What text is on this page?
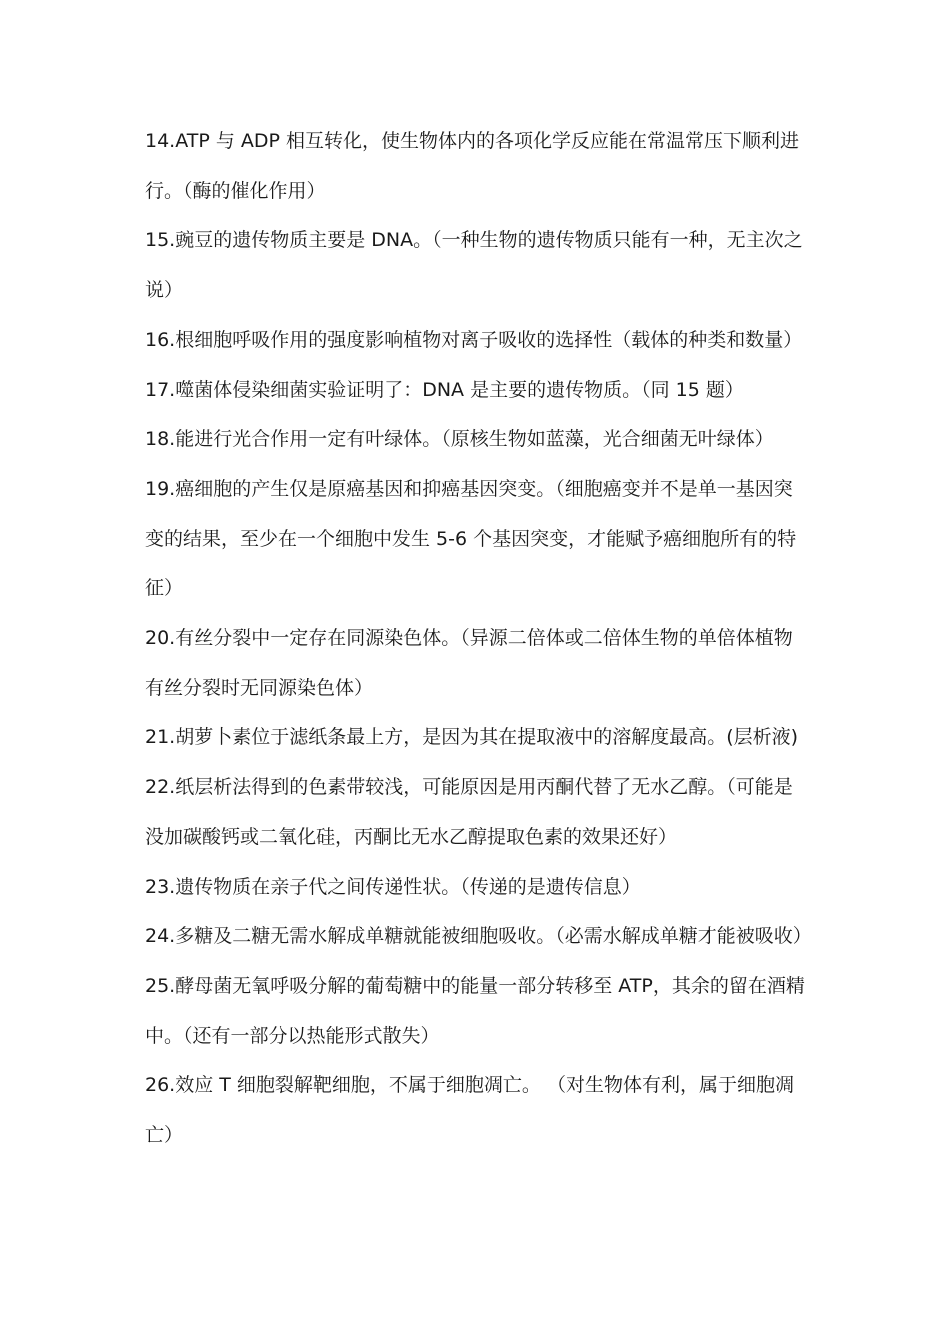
14.ATP 与 ADP 相互转化，使生物体内的各项化学反应能在常温常压下顺利进行。（酶的催化作用）

15.豌豆的遗传物质主要是 DNA。（一种生物的遗传物质只能有一种，无主次之说）

16.根细胞呼吸作用的强度影响植物对离子吸收的选择性（载体的种类和数量）

17.噬菌体侵染细菌实验证明了：DNA 是主要的遗传物质。（同 15 题）

18.能进行光合作用一定有叶绿体。（原核生物如蓝藻，光合细菌无叶绿体）

19.癌细胞的产生仅是原癌基因和抑癌基因突变。（细胞癌变并不是单一基因突变的结果，至少在一个细胞中发生 5-6 个基因突变，才能赋予癌细胞所有的特征）

20.有丝分裂中一定存在同源染色体。（异源二倍体或二倍体生物的单倍体植物有丝分裂时无同源染色体）

21.胡萝卜素位于滤纸条最上方，是因为其在提取液中的溶解度最高。(层析液)

22.纸层析法得到的色素带较浅，可能原因是用丙酮代替了无水乙醇。（可能是没加碳酸钙或二氧化硅，丙酮比无水乙醇提取色素的效果还好）

23.遗传物质在亲子代之间传递性状。（传递的是遗传信息）

24.多糖及二糖无需水解成单糖就能被细胞吸收。（必需水解成单糖才能被吸收）

25.酵母菌无氧呼吸分解的葡萄糖中的能量一部分转移至 ATP，其余的留在酒精中。（还有一部分以热能形式散失）

26.效应 T 细胞裂解靶细胞，不属于细胞凋亡。 （对生物体有利，属于细胞凋亡）
